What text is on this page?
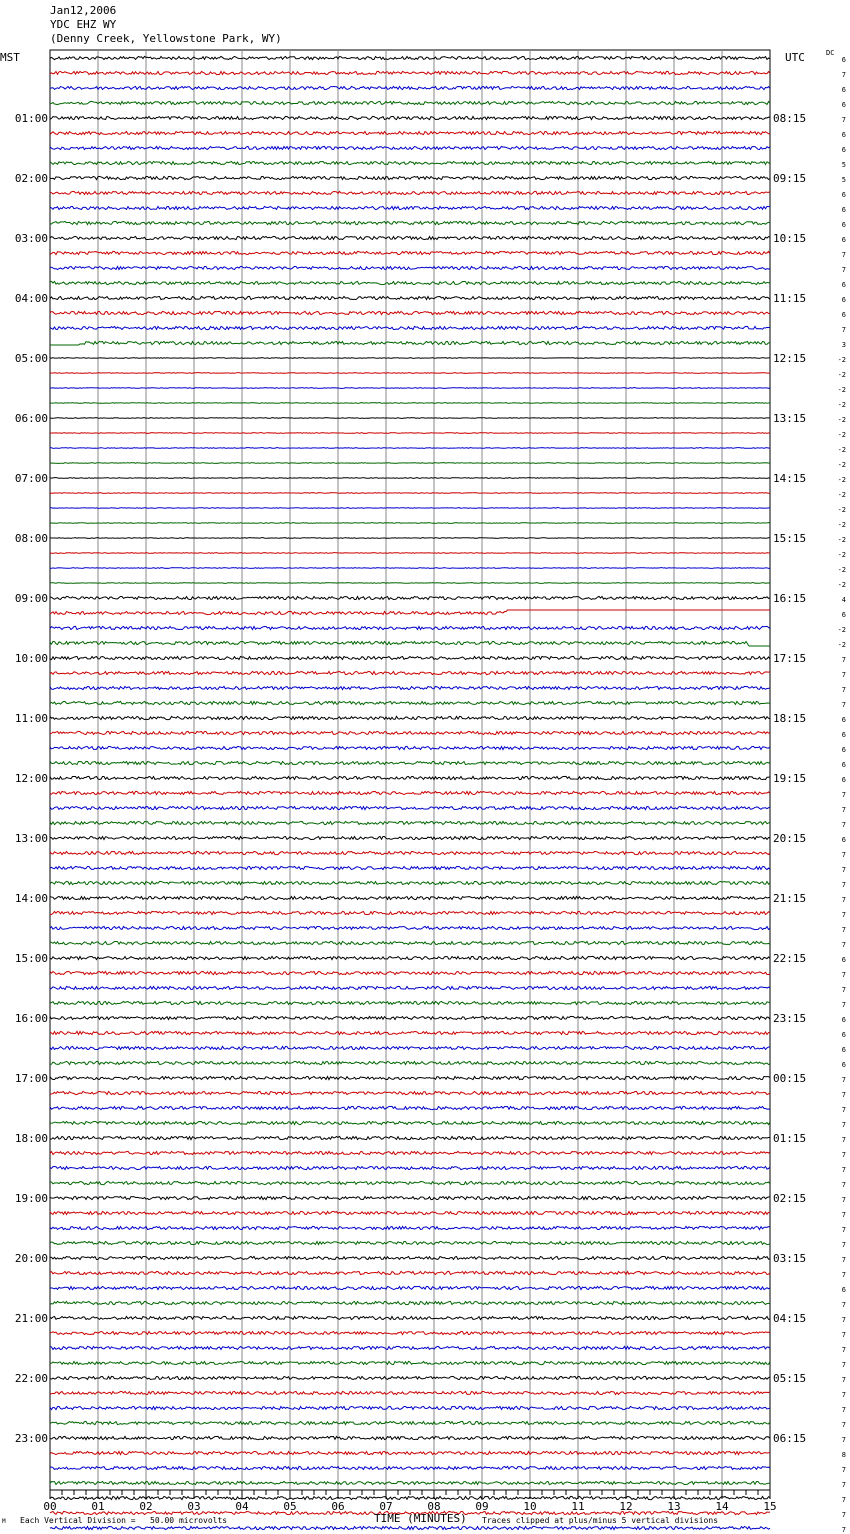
Jan12,2006
YDC EHZ WY
(Denny Creek, Yellowstone Park, WY)
MST	UTC	DC
01:00
02:00
03:00
04:00
05:00
06:00
07:00
08:00
09:00
10:00
11:00
12:00
13:00
14:00
15:00
16:00
17:00
18:00
19:00
20:00
21:00
22:00
23:00
08:15
09:15
10:15
11:15
12:15
13:15
14:15
15:15
16:15
17:15
18:15
19:15
20:15
21:15
22:15
23:15
00:15
01:15
02:15
03:15
04:15
05:15
06:15
6
7
6
6
7
6
6
5
5
6
6
6
6
7
7
6
6
6
7
3
-2
-2
-2
-2
-2
-2
-2
-2
-2
-2
-2
-2
-2
-2
-2
-2
4
6
-2
-2
7
7
7
7
6
6
6
6
6
7
7
7
6
7
7
7
7
7
7
7
6
7
7
7
6
6
6
6
7
7
7
7
7
7
7
7
7
7
7
7
7
7
6
7
7
7
7
7
7
7
7
7
7
8
7
7
7
7
7
00	01	02	03	04	05	06	07	08	09	10	11	12	13	14	15
M Each Vertical Division =   50.00 microvolts	TIME (MINUTES) Traces clipped at plus/minus 5 vertical divisions
